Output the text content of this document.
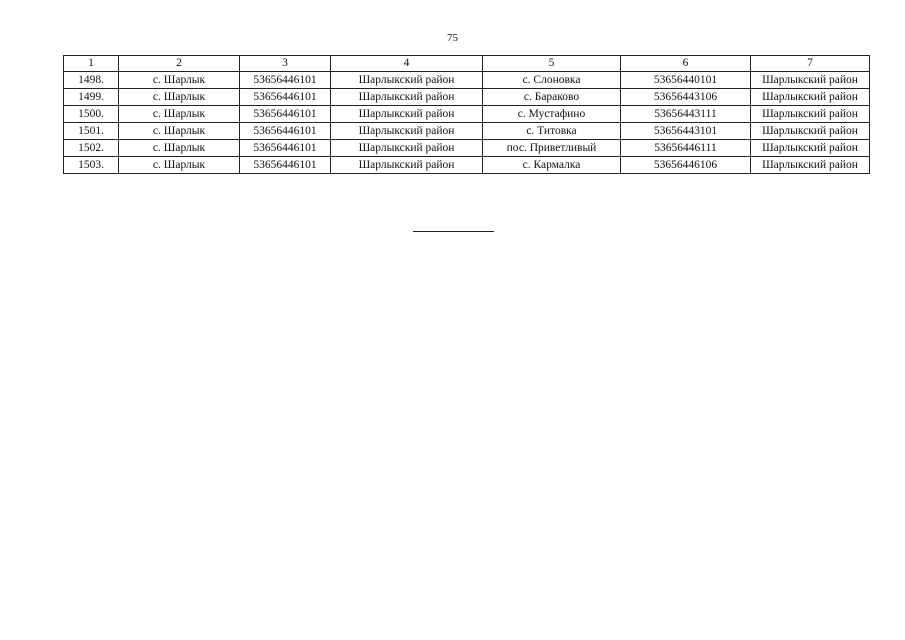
75
1	2	3	4	5	6	7
1498.	с. Шарлык	53656446101	Шарлыкский район	с. Слоновка	53656440101	Шарлыкский район
1499.	с. Шарлык	53656446101	Шарлыкский район	с. Бараково	53656443106	Шарлыкский район
1500.	с. Шарлык	53656446101	Шарлыкский район	с. Мустафино	53656443111	Шарлыкский район
1501.	с. Шарлык	53656446101	Шарлыкский район	с. Титовка	53656443101	Шарлыкский район
1502.	с. Шарлык	53656446101	Шарлыкский район	пос. Приветливый	53656446111	Шарлыкский район
1503.	с. Шарлык	53656446101	Шарлыкский район	с. Кармалка	53656446106	Шарлыкский район
